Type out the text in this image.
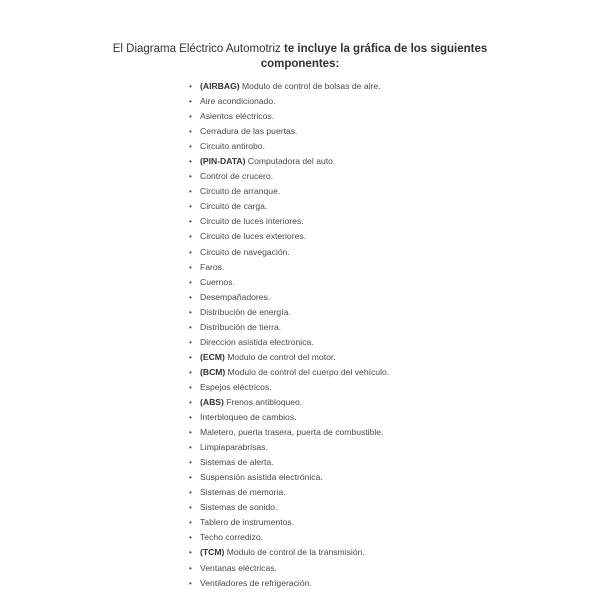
El Diagrama Eléctrico Automotriz te incluye la gráfica de los siguientes
componentes:
• (AIRBAG) Modulo de control de bolsas de aire.
• Aire acondicionado.
• Asientos eléctricos.
• Cerradura de las puertas.
• Circuito antirobo.
• (PIN-DATA) Computadora del auto.
• Control de crucero.
• Circuito de arranque.
• Circuito de carga.
• Circuito de luces interiores.
• Circuito de luces exteriores.
• Circuito de navegación.
• Faros.
• Cuernos.
• Desempañadores.
• Distribución de energía.
• Distribución de tierra.
• Direccion asistida electronica.
• (ECM) Modulo de control del motor.
• (BCM) Modulo de control del cuerpo del vehículo.
• Espejos eléctricos.
• (ABS) Frenos antibloqueo.
• Interbloqueo de cambios.
• Maletero, puerta trasera, puerta de combustible.
• Limpiaparabrisas.
• Sistemas de alerta.
• Suspensión asistida electrónica.
• Sistemas de memoria.
• Sistemas de sonido.
• Tablero de instrumentos.
• Techo corredizo.
• (TCM) Modulo de control de la transmisión.
• Ventanas eléctricas.
• Ventiladores de refrigeración.
